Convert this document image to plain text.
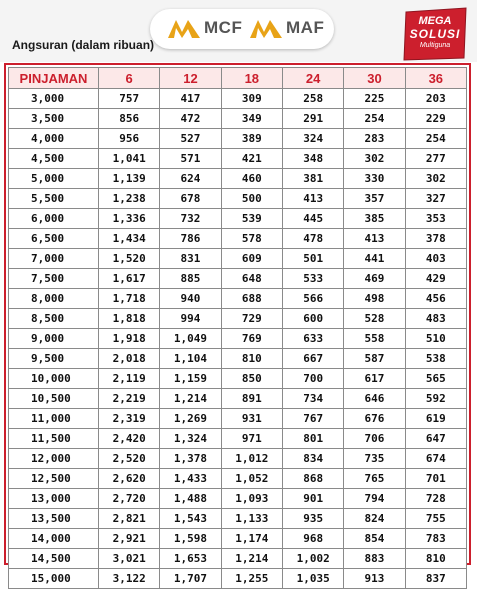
Angsuran (dalam ribuan)
MCF	MAF	MEGA
SOLUSI
Multiguna
PINJAMAN	6	12	18	24	30	36
3,000	757	417	309	258	225	203
3,500	856	472	349	291	254	229
4,000	956	527	389	324	283	254
4,500	1,041	571	421	348	302	277
5,000	1,139	624	460	381	330	302
5,500	1,238	678	500	413	357	327
6,000	1,336	732	539	445	385	353
6,500	1,434	786	578	478	413	378
7,000	1,520	831	609	501	441	403
7,500	1,617	885	648	533	469	429
8,000	1,718	940	688	566	498	456
8,500	1,818	994	729	600	528	483
9,000	1,918	1,049	769	633	558	510
9,500	2,018	1,104	810	667	587	538
10,000	2,119	1,159	850	700	617	565
10,500	2,219	1,214	891	734	646	592
11,000	2,319	1,269	931	767	676	619
11,500	2,420	1,324	971	801	706	647
12,000	2,520	1,378	1,012	834	735	674
12,500	2,620	1,433	1,052	868	765	701
13,000	2,720	1,488	1,093	901	794	728
13,500	2,821	1,543	1,133	935	824	755
14,000	2,921	1,598	1,174	968	854	783
14,500	3,021	1,653	1,214	1,002	883	810
15,000	3,122	1,707	1,255	1,035	913	837
